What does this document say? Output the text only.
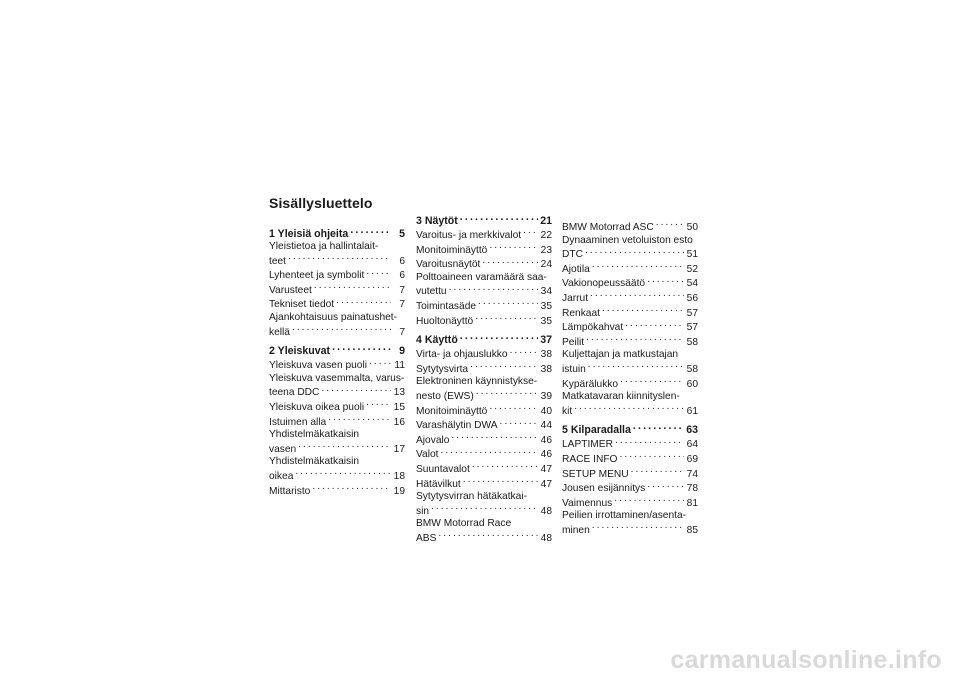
Sisällysluettelo
1 Yleisiä ohjeita . . .	5
Yleistietoa ja hallintalait-
teet . . .	6
Lyhenteet ja symbolit . . .	6
Varusteet . . .	7
Tekniset tiedot . . .	7
Ajankohtaisuus painatushet-
kellä . . .	7
2 Yleiskuvat . . .	9
Yleiskuva vasen puoli . . .	11
Yleiskuva vasemmalta, varus-
teena DDC . . .	13
Yleiskuva oikea puoli . . .	15
Istuimen alla . . .	16
Yhdistelmäkatkaisin
vasen . . .	17
Yhdistelmäkatkaisin
oikea . . .	18
Mittaristo . . .	19
3 Näytöt . . .	21
Varoitus- ja merkkivalot . . . 22
Monitoiminäyttö . . .	23
Varoitusnäytöt . . .	24
Polttoaineen varamäärä saa-
vutettu . . .	34
Toimintasäde . . .	35
Huoltonäyttö . . .	35
4 Käyttö . . .	37
Virta- ja ohjauslukko . . .	38
Sytytysvirta . . .	38
Elektroninen käynnistykse-
nesto (EWS) . . .	39
Monitoiminäyttö . . .	40
Varashälytin DWA . . .	44
Ajovalo . . .	46
Valot . . .	46
Suuntavalot . . .	47
Hätävilkut . . .	47
Sytytysvirran hätäkatkai-
sin . . .	48
BMW Motorrad Race
ABS . . .	48
BMW Motorrad ASC . . .	50
Dynaaminen vetoluiston esto
DTC . . .	51
Ajotila . . .	52
Vakionopeussäätö . . .	54
Jarrut . . .	56
Renkaat . . .	57
Lämpökahvat . . .	57
Peilit . . .	58
Kuljettajan ja matkustajan
istuin . . .	58
Kypärälukko . . .	60
Matkatavaran kiinnityslen-
kit . . .	61
5 Kilparadalla . . .	63
LAPTIMER . . .	64
RACE INFO . . .	69
SETUP MENU . . .	74
Jousen esijännitys . . .	78
Vaimennus . . .	81
Peilien irrottaminen/asenta-
minen . . .	85
carmanualsonline.info
